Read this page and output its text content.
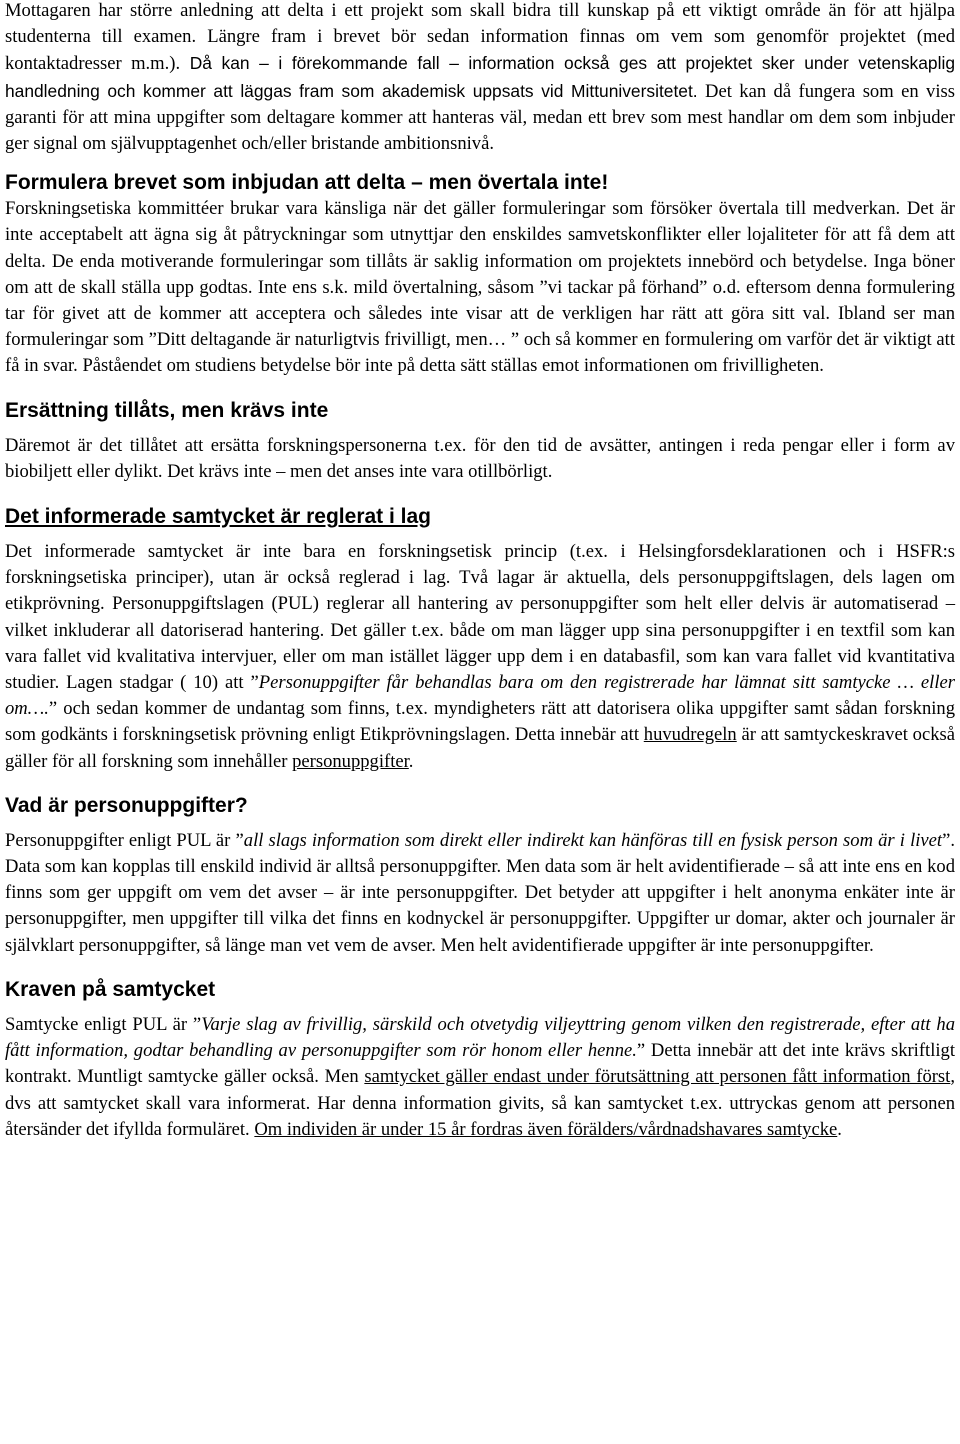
Mottagaren har större anledning att delta i ett projekt som skall bidra till kunskap på ett viktigt område än för att hjälpa studenterna till examen. Längre fram i brevet bör sedan information finnas om vem som genomför projektet (med kontaktadresser m.m.). Då kan – i förekommande fall – information också ges att projektet sker under vetenskaplig handledning och kommer att läggas fram som akademisk uppsats vid Mittuniversitetet. Det kan då fungera som en viss garanti för att mina uppgifter som deltagare kommer att hanteras väl, medan ett brev som mest handlar om dem som inbjuder ger signal om självupptagenhet och/eller bristande ambitionsnivå.

Formulera brevet som inbjudan att delta – men övertala inte!

Forskningsetiska kommittéer brukar vara känsliga när det gäller formuleringar som försöker övertala till medverkan. Det är inte acceptabelt att ägna sig åt påtryckningar som utnyttjar den enskildes samvetskonflikter eller lojaliteter för att få dem att delta. De enda motiverande formuleringar som tillåts är saklig information om projektets innebörd och betydelse. Inga böner om att de skall ställa upp godtas. Inte ens s.k. mild övertalning, såsom ”vi tackar på förhand” o.d. eftersom denna formulering tar för givet att de kommer att acceptera och således inte visar att de verkligen har rätt att göra sitt val. Ibland ser man formuleringar som ”Ditt deltagande är naturligtvis frivilligt, men… ” och så kommer en formulering om varför det är viktigt att få in svar. Påståendet om studiens betydelse bör inte på detta sätt ställas emot informationen om frivilligheten.

Ersättning tillåts, men krävs inte

Däremot är det tillåtet att ersätta forskningspersonerna t.ex. för den tid de avsätter, antingen i reda pengar eller i form av biobiljett eller dylikt. Det krävs inte – men det anses inte vara otillbörligt.

Det informerade samtycket är reglerat i lag

Det informerade samtycket är inte bara en forskningsetisk princip (t.ex. i Helsingforsdeklarationen och i HSFR:s forskningsetiska principer), utan är också reglerad i lag. Två lagar är aktuella, dels personuppgiftslagen, dels lagen om etikprövning. Personuppgiftslagen (PUL) reglerar all hantering av personuppgifter som helt eller delvis är automatiserad – vilket inkluderar all datoriserad hantering. Det gäller t.ex. både om man lägger upp sina personuppgifter i en textfil som kan vara fallet vid kvalitativa intervjuer, eller om man istället lägger upp dem i en databasfil, som kan vara fallet vid kvantitativa studier. Lagen stadgar ( 10) att ”Personuppgifter får behandlas bara om den registrerade har lämnat sitt samtycke … eller om….” och sedan kommer de undantag som finns, t.ex. myndigheters rätt att datorisera olika uppgifter samt sådan forskning som godkänts i forskningsetisk prövning enligt Etikprövningslagen. Detta innebär att huvudregeln är att samtyckeskravet också gäller för all forskning som innehåller personuppgifter.

Vad är personuppgifter?

Personuppgifter enligt PUL är ”all slags information som direkt eller indirekt kan hänföras till en fysisk person som är i livet”. Data som kan kopplas till enskild individ är alltså personuppgifter. Men data som är helt avidentifierade – så att inte ens en kod finns som ger uppgift om vem det avser – är inte personuppgifter. Det betyder att uppgifter i helt anonyma enkäter inte är personuppgifter, men uppgifter till vilka det finns en kodnyckel är personuppgifter. Uppgifter ur domar, akter och journaler är självklart personuppgifter, så länge man vet vem de avser. Men helt avidentifierade uppgifter är inte personuppgifter.

Kraven på samtycket

Samtycke enligt PUL är ”Varje slag av frivillig, särskild och otvetydig viljeyttring genom vilken den registrerade, efter att ha fått information, godtar behandling av personuppgifter som rör honom eller henne.” Detta innebär att det inte krävs skriftligt kontrakt. Muntligt samtycke gäller också. Men samtycket gäller endast under förutsättning att personen fått information först, dvs att samtycket skall vara informerat. Har denna information givits, så kan samtycket t.ex. uttryckas genom att personen återsänder det ifyllda formuläret. Om individen är under 15 år fordras även förälders/vårdnadshavares samtycke.
